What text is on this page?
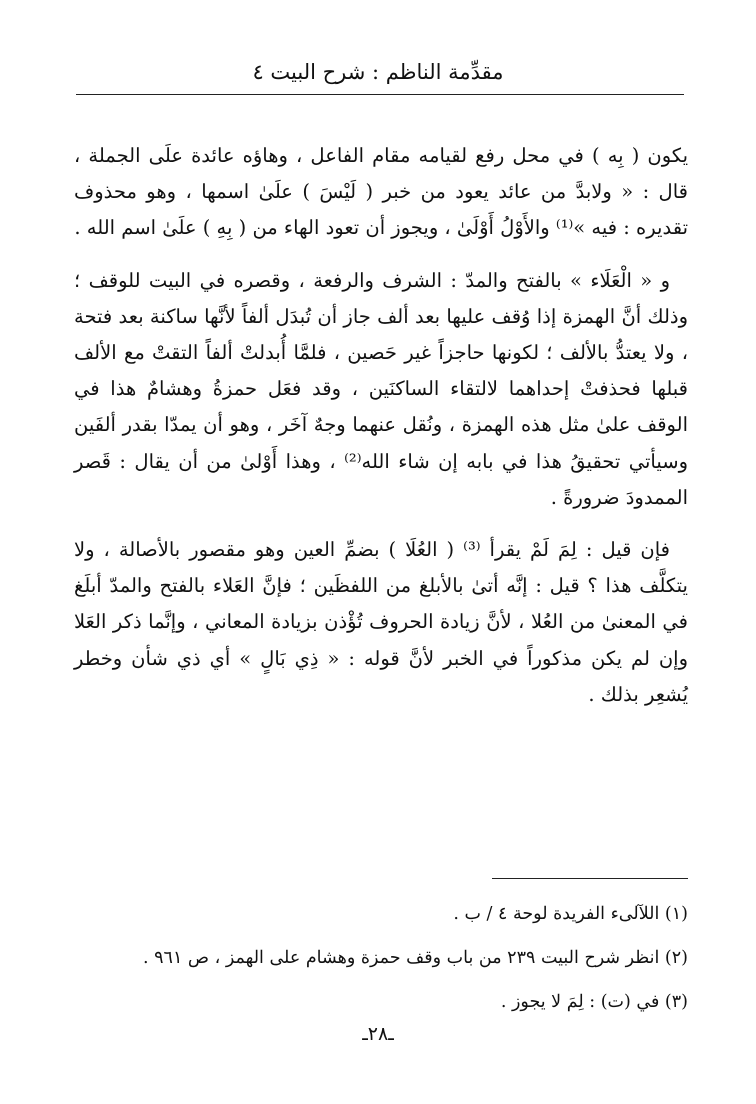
مقدِّمة الناظم : شرح البيت ٤

يكون ( بِه ) في محل رفع لقيامه مقام الفاعل ، وهاؤه عائدة علَى الجملة ، قال : « ولابدَّ من عائد يعود من خبر ( لَيْسَ ) علَىٰ اسمها ، وهو محذوف تقديره : فيه »⁽¹⁾ والأَوْلُ أَوْلَىٰ ، ويجوز أن تعود الهاء من ( بِهِ ) علَىٰ اسم الله .

و « الْعَلَاء » بالفتح والمدّ : الشرف والرفعة ، وقصره في البيت للوقف ؛ وذلك أنَّ الهمزة إذا وُقف عليها بعد ألف جاز أن تُبدَل ألفاً لأنَّها ساكنة بعد فتحة ، ولا يعتدُّ بالألف ؛ لكونها حاجزاً غير حَصين ، فلمَّا أُبدلتْ ألفاً التقتْ مع الألف قبلها فحذفتْ إحداهما لالتقاء الساكنَين ، وقد فعَل حمزةُ وهشامٌ هذا في الوقف علىٰ مثل هذه الهمزة ، ونُقل عنهما وجهٌ آخَر ، وهو أن يمدّا بقدر ألفَين وسيأتي تحقيقُ هذا في بابه إن شاء الله⁽²⁾ ، وهذا أَوْلىٰ من أن يقال : قَصر الممدودَ ضرورةً .

فإن قيل : لِمَ لَمْ يقرأ ⁽³⁾ ( العُلَا ) بضمِّ العين وهو مقصور بالأصالة ، ولا يتكلَّف هذا ؟ قيل : إنَّه أتىٰ بالأبلغ من اللفظَين ؛ فإنَّ العَلاء بالفتح والمدّ أبلَغ في المعنىٰ من العُلا ، لأنَّ زيادة الحروف تُؤْذن بزيادة المعاني ، وإنَّما ذكر العَلا وإن لم يكن مذكوراً في الخبر لأنَّ قوله : « ذِي بَالٍ » أي ذي شأن وخطر يُشعِر بذلك .

(١) اللآلىء الفريدة لوحة ٤ / ب .

(٢) انظر شرح البيت ٢٣٩ من باب وقف حمزة وهشام على الهمز ، ص ٩٦١ .

(٣) في (ت) : لِمَ لا يجوز .

ـ٢٨ـ
